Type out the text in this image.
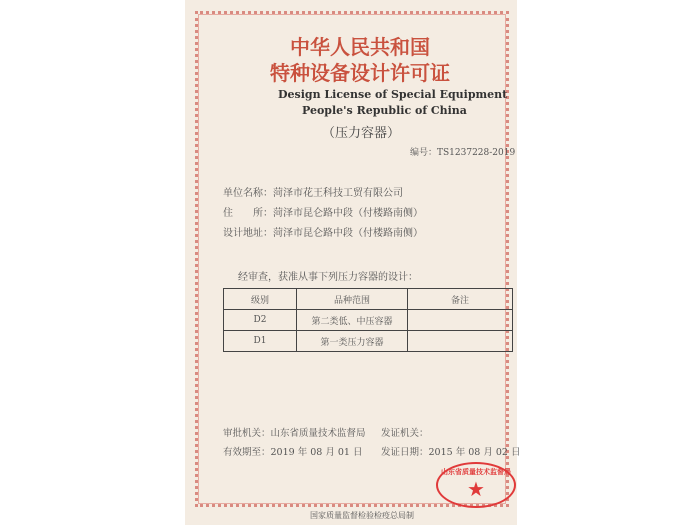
中华人民共和国
特种设备设计许可证
Design License of Special Equipment
People's Republic of China
（压力容器）
编号：TS1237228-2019
单位名称：菏泽市花王科技工贸有限公司
住　　所：菏泽市昆仑路中段（付楼路南侧）
设计地址：菏泽市昆仑路中段（付楼路南侧）
经审查，获准从事下列压力容器的设计：
级别	品种范围	备注
D2	第二类低、中压容器	
D1	第一类压力容器	
审批机关：山东省质量技术监督局 发证机关：
有效期至：2019 年 08 月 01 日 发证日期：2015 年 08 月 02 日
山东省质量技术监督局
★
国家质量监督检验检疫总局制
